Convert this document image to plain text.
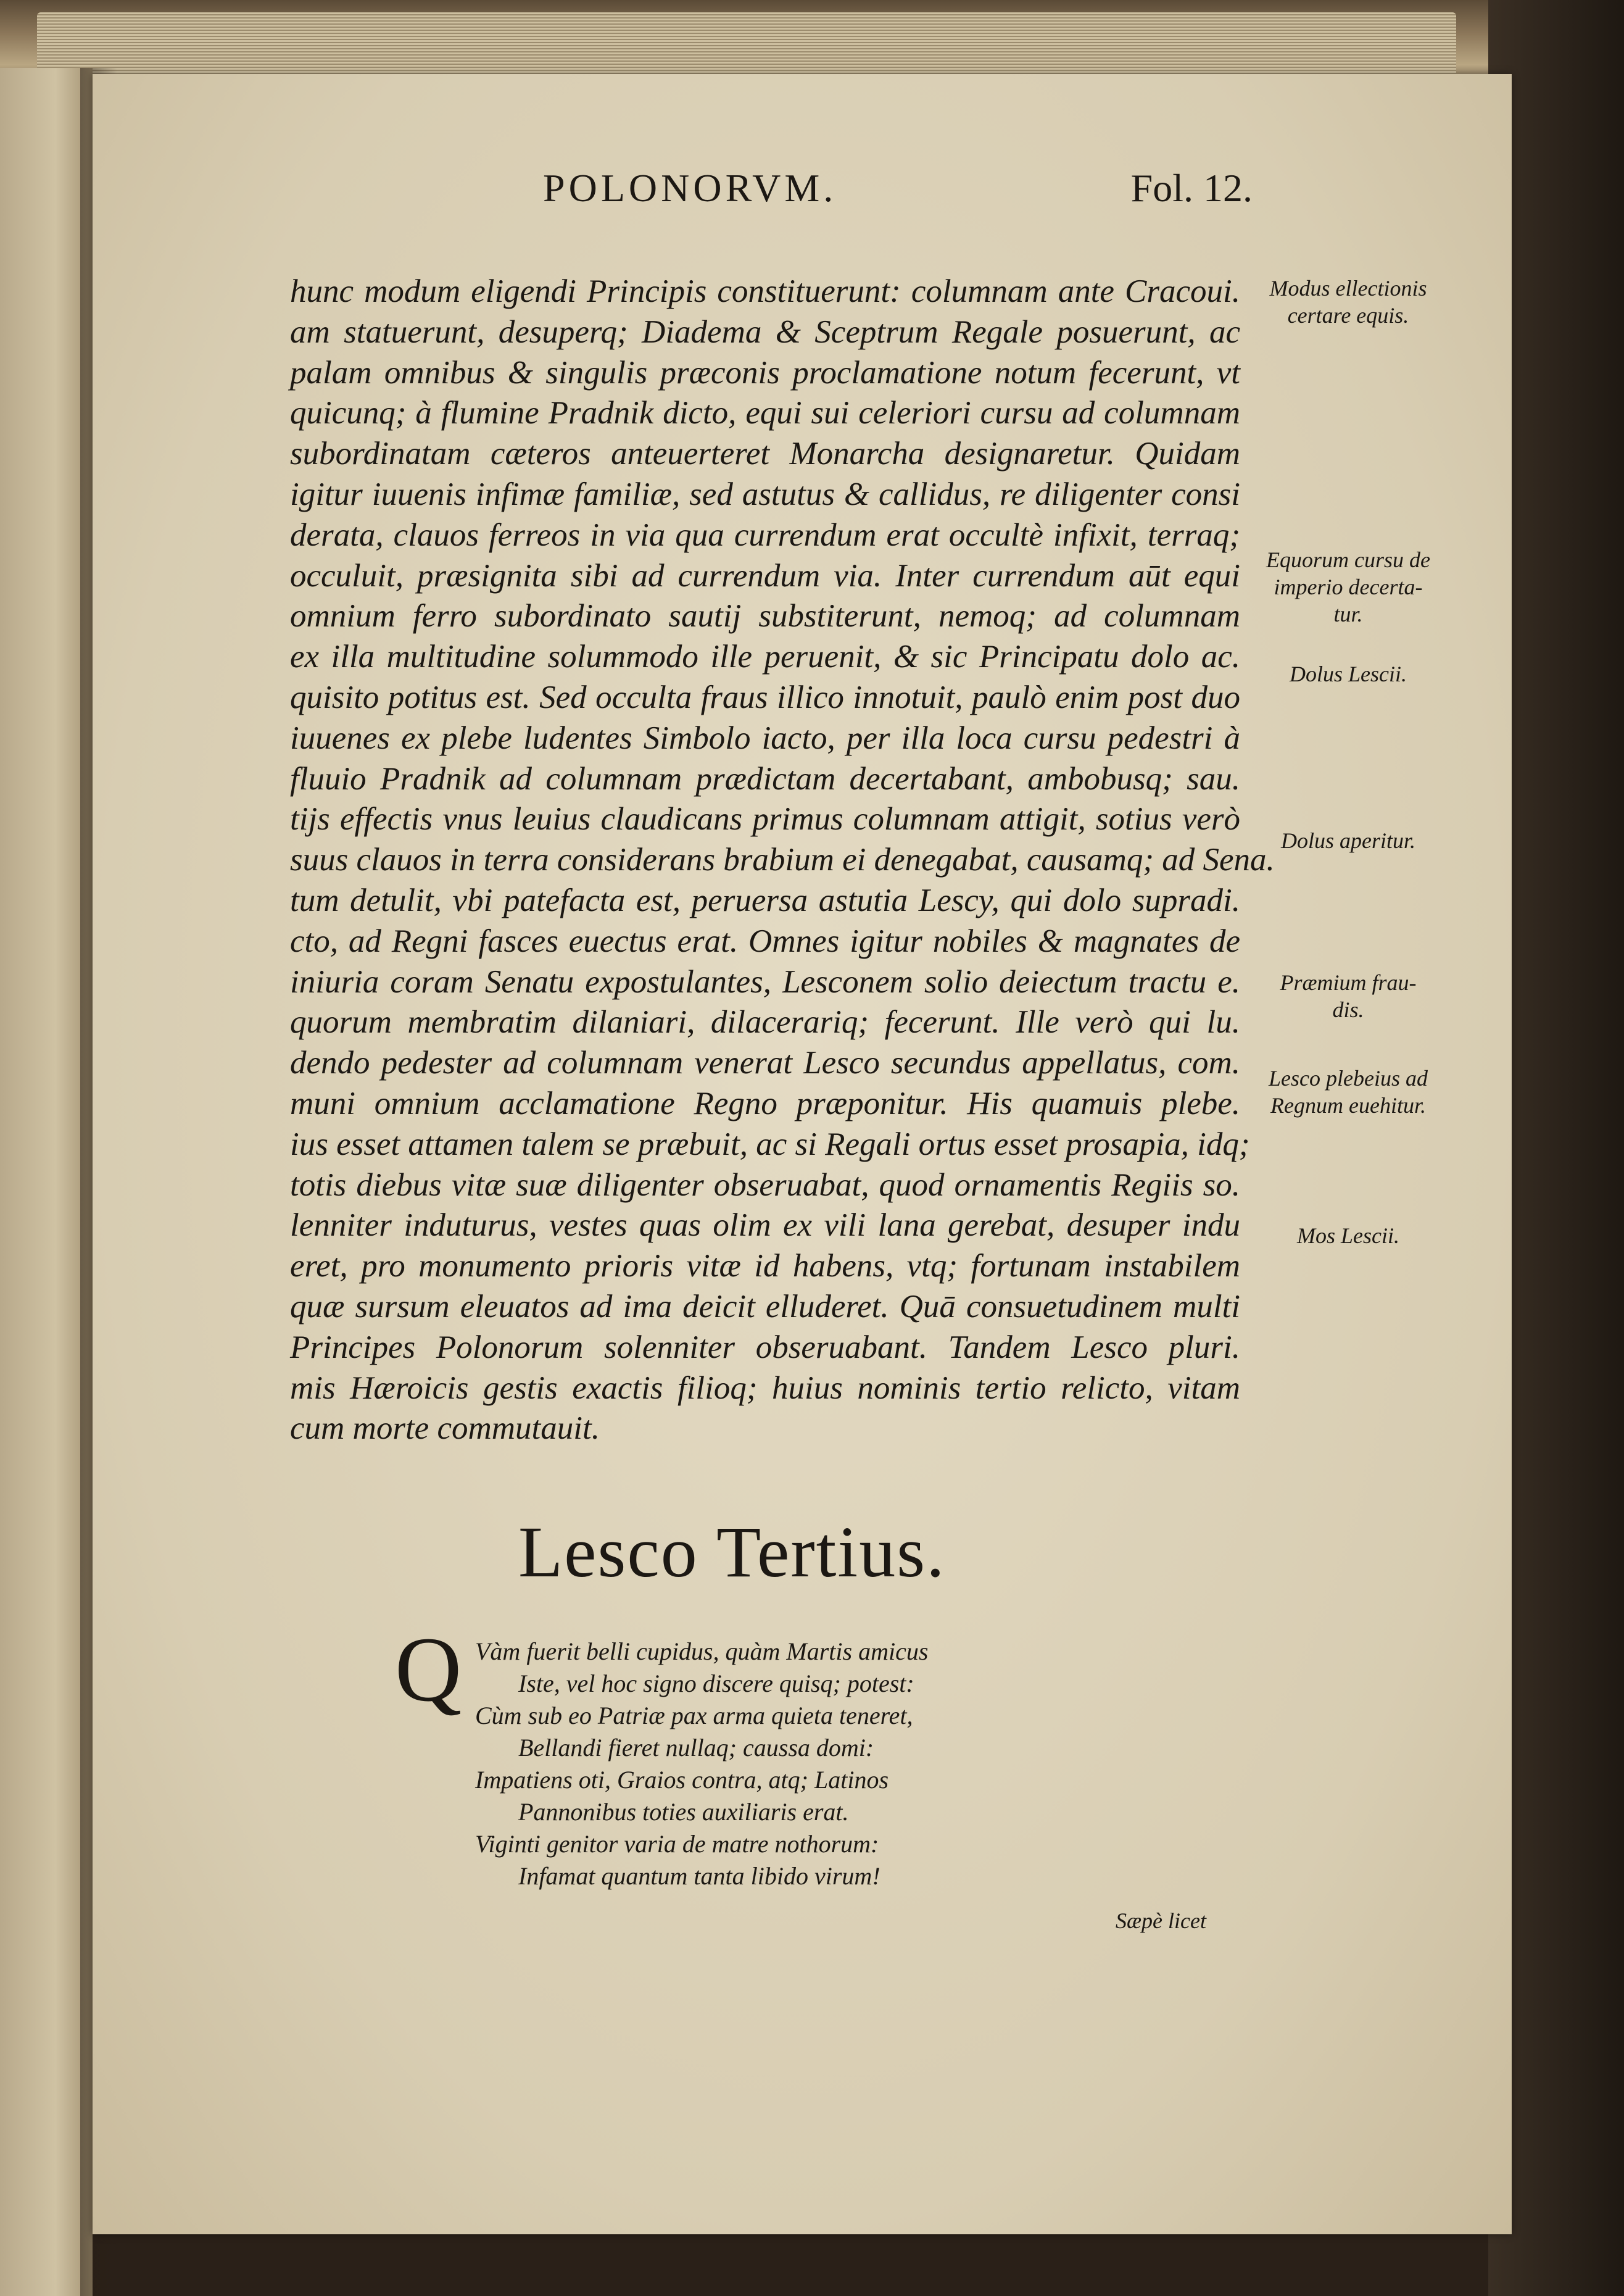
POLONORVM.	Fol. 12.
hunc modum eligendi Principis constituerunt: columnam ante Cracoui.
am statuerunt, desuperq; Diadema & Sceptrum Regale posuerunt, ac
palam omnibus & singulis præconis proclamatione notum fecerunt, vt
quicunq; à flumine Pradnik dicto, equi sui celeriori cursu ad columnam
subordinatam cæteros anteuerteret Monarcha designaretur. Quidam
igitur iuuenis infimæ familiæ, sed astutus & callidus, re diligenter consi
derata, clauos ferreos in via qua currendum erat occultè infixit, terraq;
occuluit, præsignita sibi ad currendum via. Inter currendum aūt equi
omnium ferro subordinato sautij substiterunt, nemoq; ad columnam
ex illa multitudine solummodo ille peruenit, & sic Principatu dolo ac.
quisito potitus est. Sed occulta fraus illico innotuit, paulò enim post duo
iuuenes ex plebe ludentes Simbolo iacto, per illa loca cursu pedestri à
fluuio Pradnik ad columnam prædictam decertabant, ambobusq; sau.
tijs effectis vnus leuius claudicans primus columnam attigit, sotius verò
suus clauos in terra considerans brabium ei denegabat, causamq; ad Sena.
tum detulit, vbi patefacta est, peruersa astutia Lescy, qui dolo supradi.
cto, ad Regni fasces euectus erat. Omnes igitur nobiles & magnates de
iniuria coram Senatu expostulantes, Lesconem solio deiectum tractu e.
quorum membratim dilaniari, dilacerariq; fecerunt. Ille verò qui lu.
dendo pedester ad columnam venerat Lesco secundus appellatus, com.
muni omnium acclamatione Regno præponitur. His quamuis plebe.
ius esset attamen talem se præbuit, ac si Regali ortus esset prosapia, idq;
totis diebus vitæ suæ diligenter obseruabat, quod ornamentis Regiis so.
lenniter induturus, vestes quas olim ex vili lana gerebat, desuper indu
eret, pro monumento prioris vitæ id habens, vtq; fortunam instabilem
quæ sursum eleuatos ad ima deicit elluderet. Quā consuetudinem multi
Principes Polonorum solenniter obseruabant. Tandem Lesco pluri.
mis Hæroicis gestis exactis filioq; huius nominis tertio relicto, vitam
cum morte commutauit.
Modus ellectionis
certare equis.
Equorum cursu de
imperio decerta-
tur.
Dolus Lescii.
Dolus aperitur.
Præmium frau-
dis.
Lesco plebeius ad
Regnum euehitur.
Mos Lescii.
Lesco Tertius.
Q Vàm fuerit belli cupidus, quàm Martis amicus
Iste, vel hoc signo discere quisq; potest:
Cùm sub eo Patriæ pax arma quieta teneret,
Bellandi fieret nullaq; caussa domi:
Impatiens oti, Graios contra, atq; Latinos
Pannonibus toties auxiliaris erat.
Viginti genitor varia de matre nothorum:
Infamat quantum tanta libido virum!
Sæpè licet
